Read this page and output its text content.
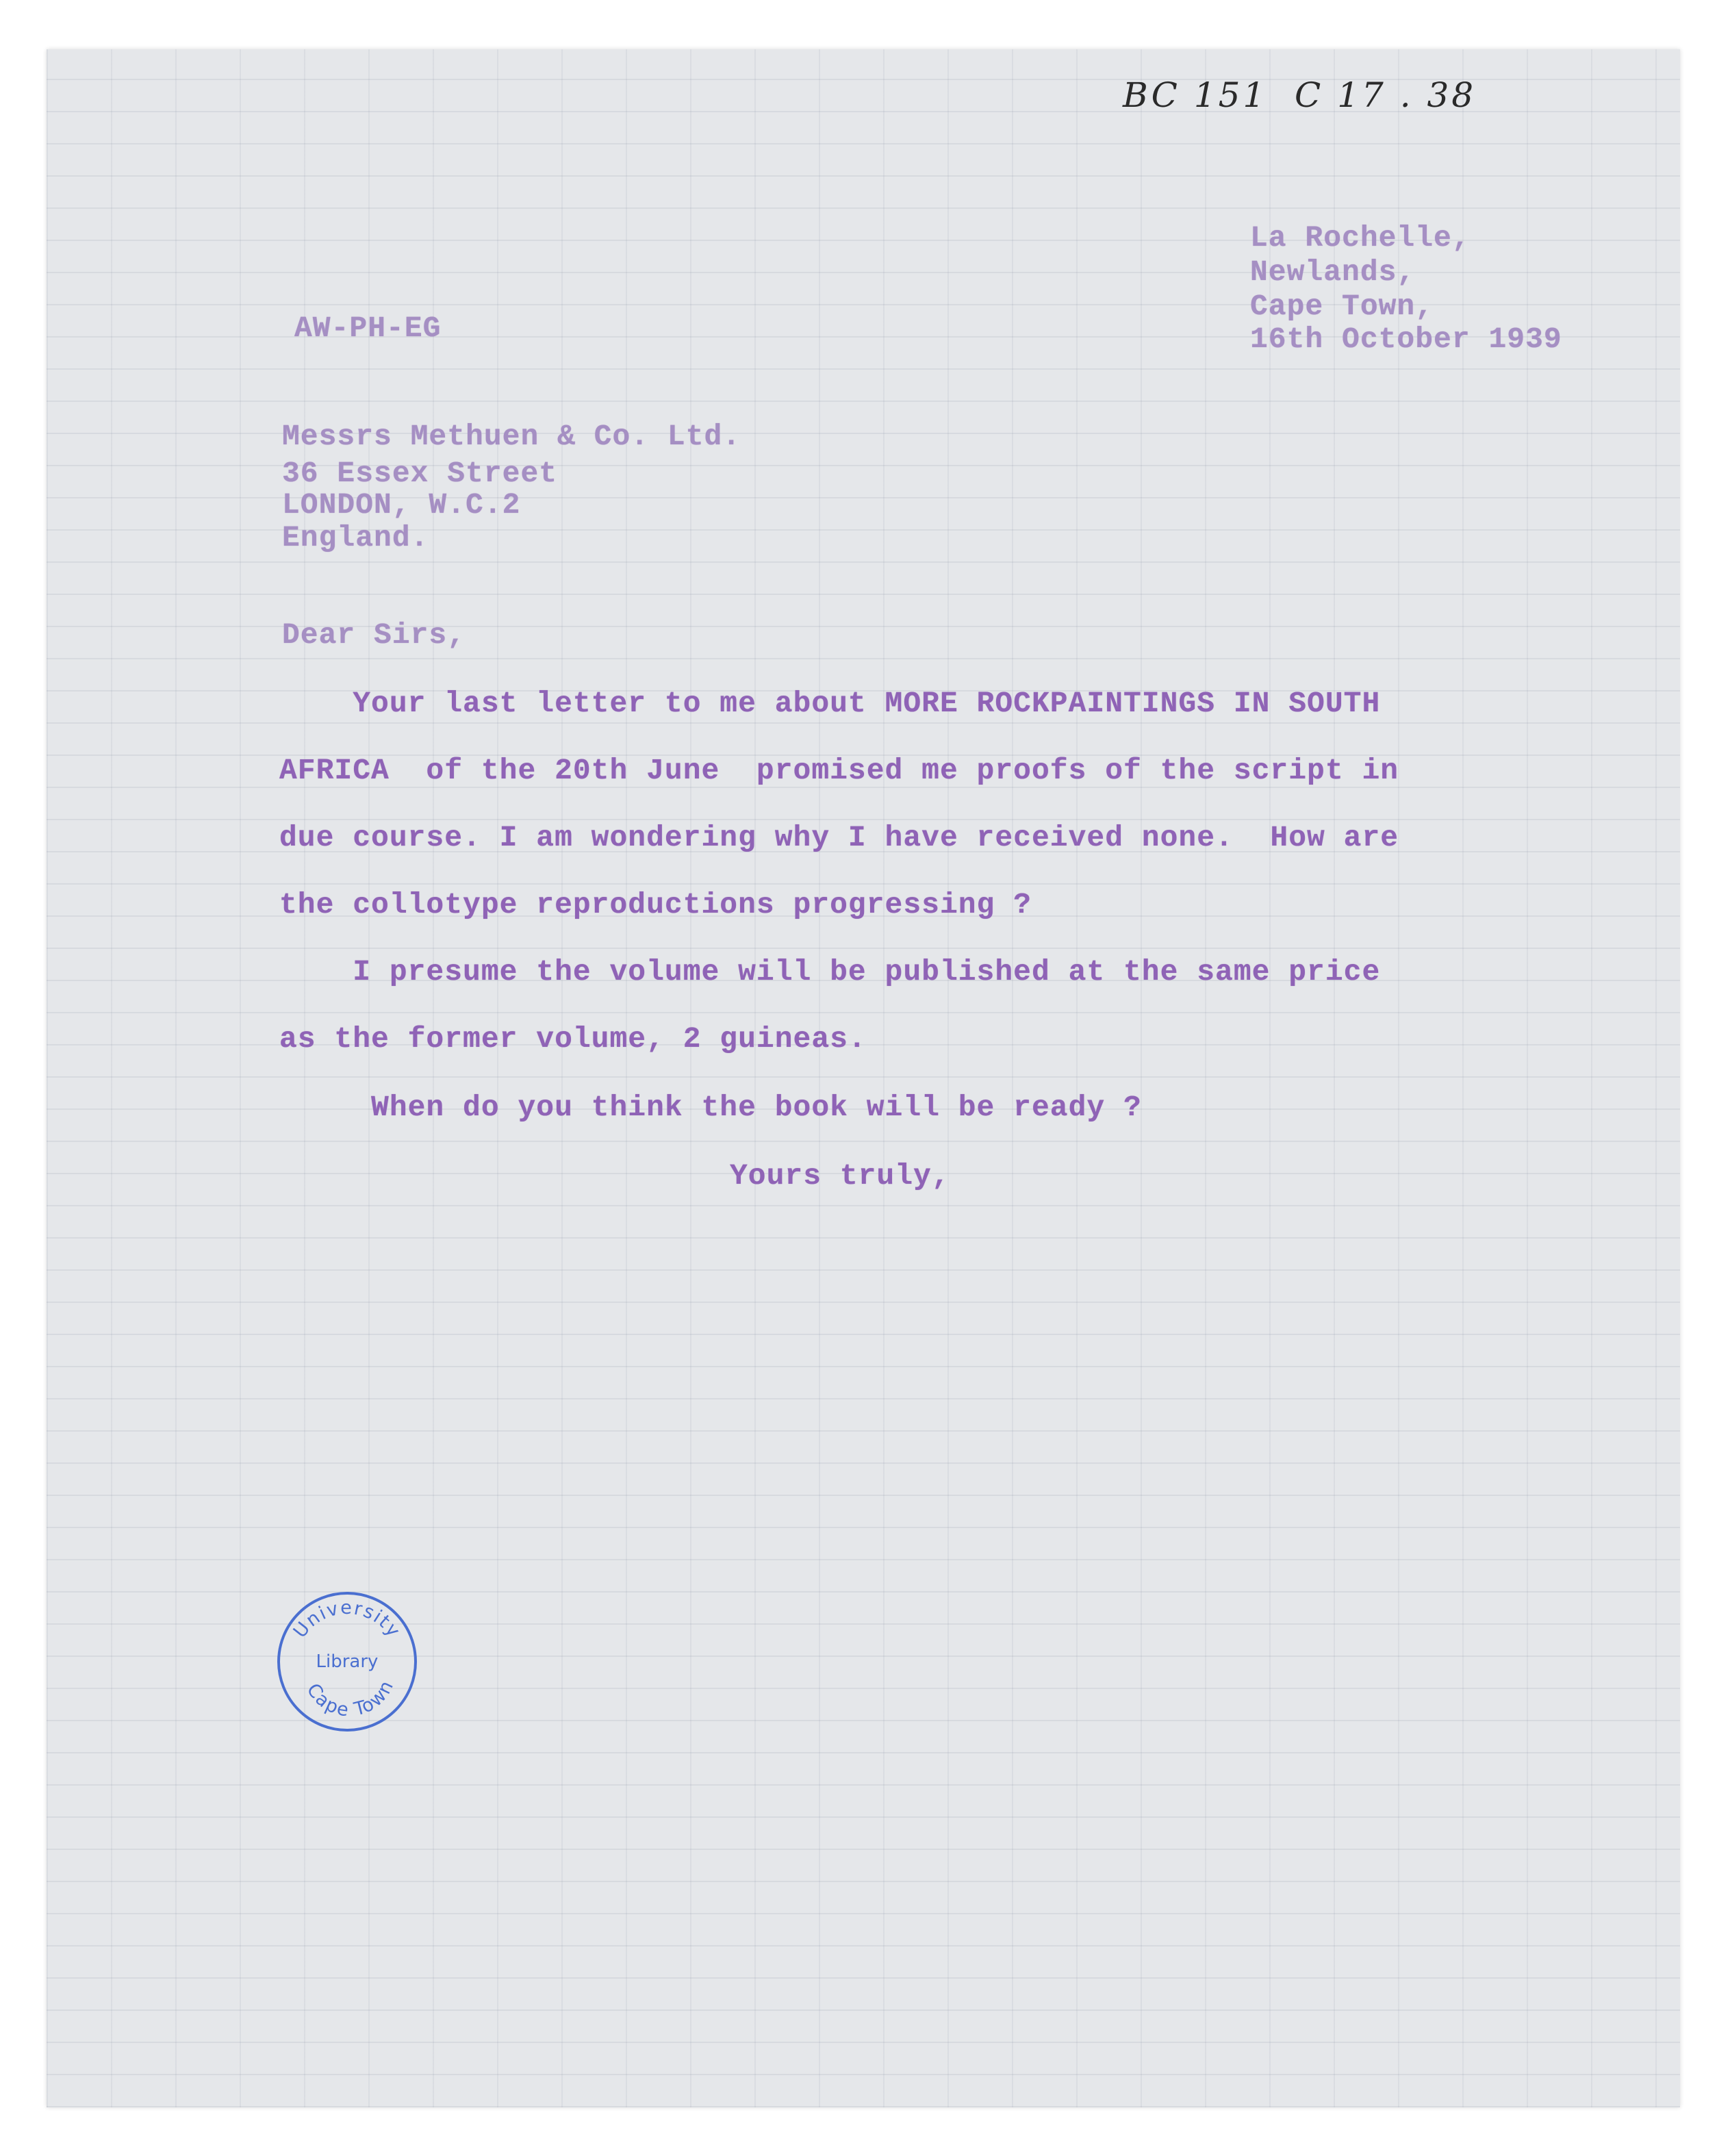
BC 151  C 17 . 38
La Rochelle,
Newlands,
Cape Town,
16th October 1939
AW-PH-EG
Messrs Methuen & Co. Ltd.
36 Essex Street
LONDON, W.C.2
England.
Dear Sirs,
Your last letter to me about MORE ROCKPAINTINGS IN SOUTH
AFRICA  of the 20th June  promised me proofs of the script in
due course. I am wondering why I have received none.  How are
the collotype reproductions progressing ?
I presume the volume will be published at the same price
as the former volume, 2 guineas.
When do you think the book will be ready ?
Yours truly,
University
Library
Cape Town
